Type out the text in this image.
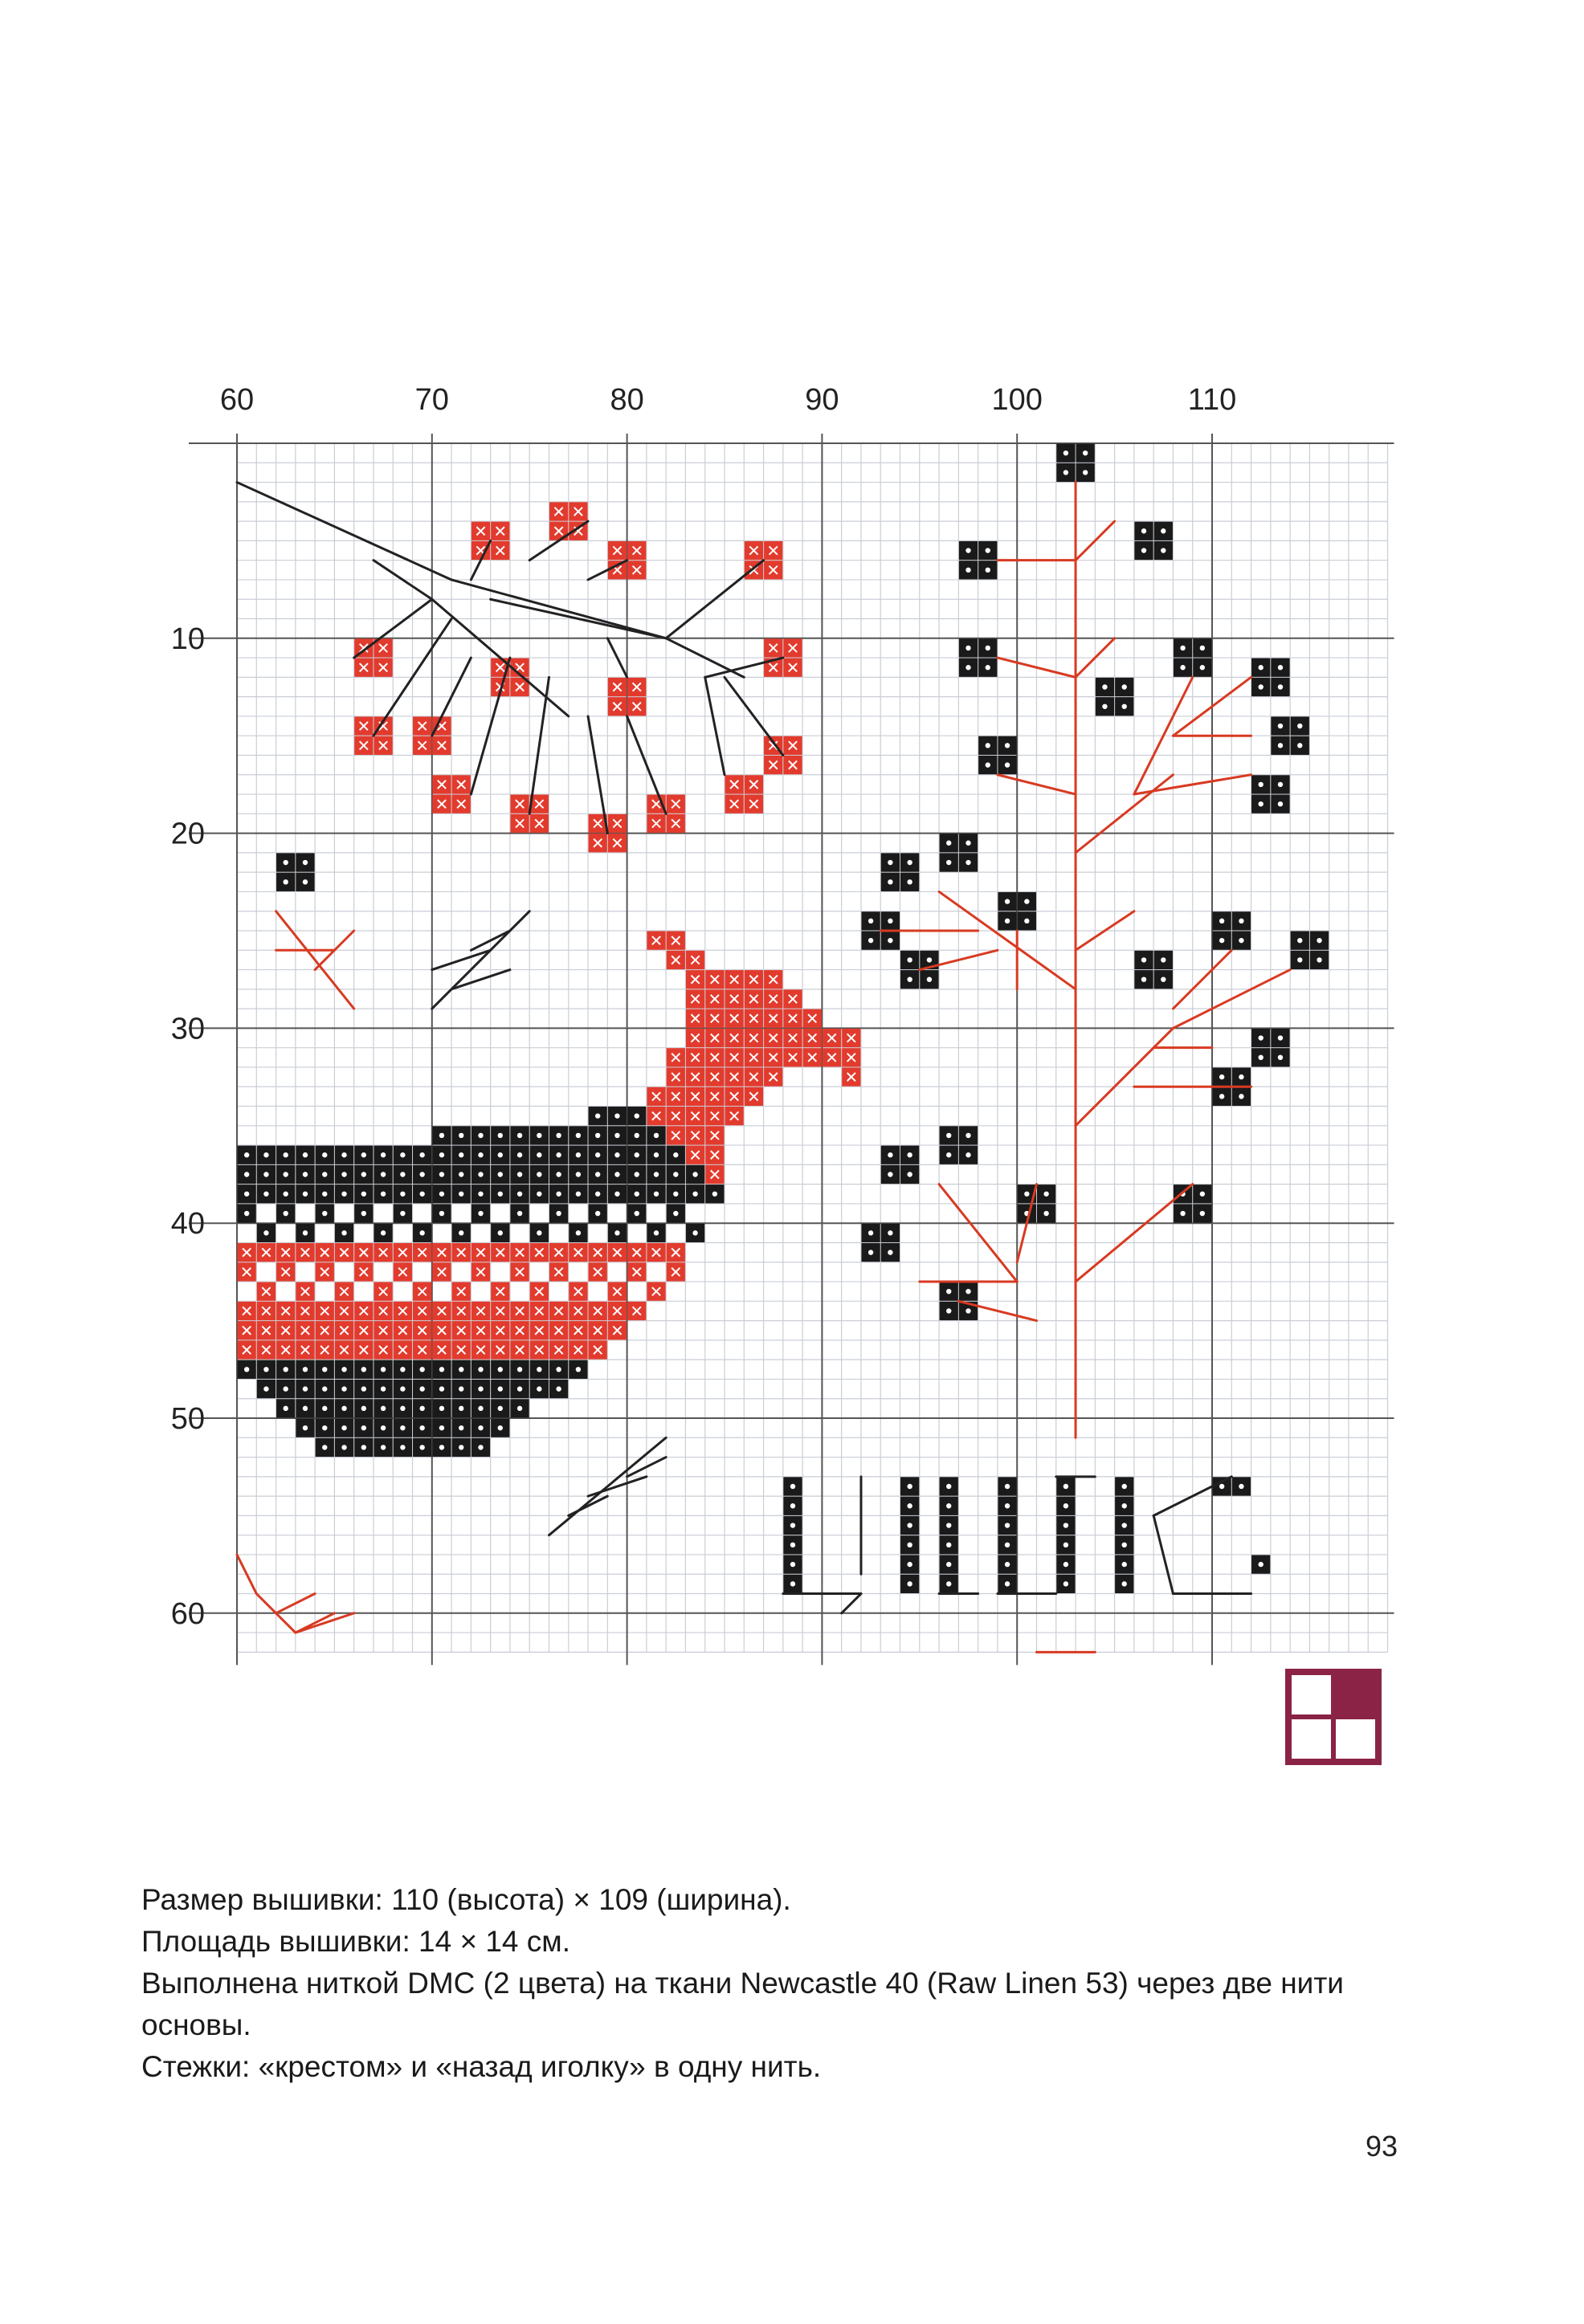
60	70	80	90	100	110
10
20
30
40
50
60

Размер вышивки: 110 (высота) × 109 (ширина).

Площадь вышивки: 14 × 14 см.

Выполнена ниткой DMC (2 цвета) на ткани Newcastle 40 (Raw Linen 53) через две нити основы.

Стежки: «крестом» и «назад иголку» в одну нить.

93
